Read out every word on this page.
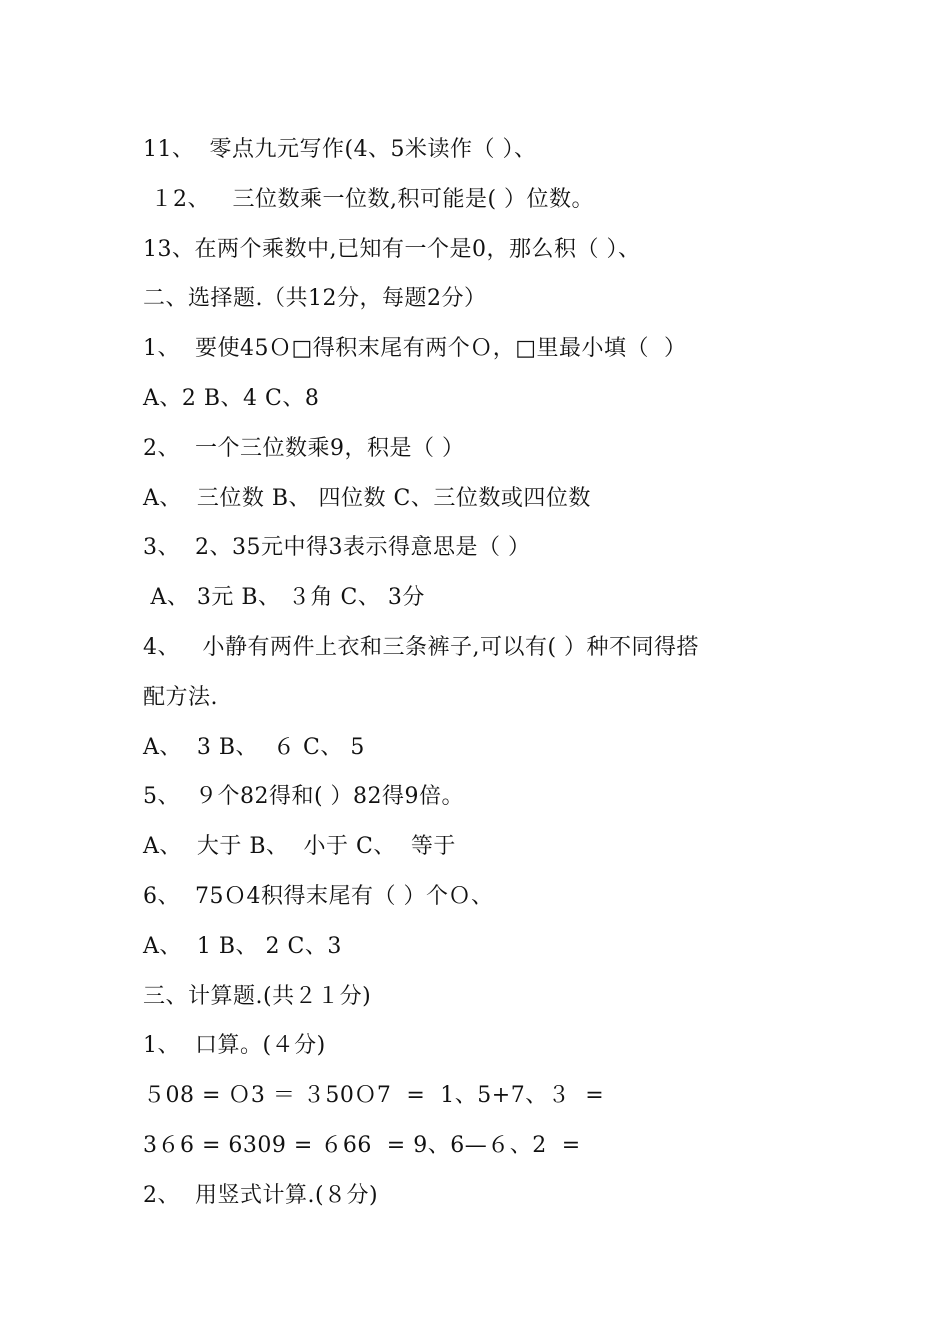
11、  零点九元写作(4、5米读作（ ）、
１2、   三位数乘一位数,积可能是( ）位数。
13、在两个乘数中,已知有一个是0，那么积（ ）、
二、选择题.（共12分，每题2分）
1、  要使45Ｏ□得积末尾有两个Ｏ，□里最小填（  ）
A、2 B、4 C、8
2、  一个三位数乘9，积是（ ）
A、  三位数 B、 四位数 C、三位数或四位数
3、  2、35元中得3表示得意思是（ ）
A、 3元 B、 ３角 C、 3分
4、   小静有两件上衣和三条裤子,可以有( ）种不同得搭
配方法.
A、  3 B、  ６ C、 5
5、  ９个82得和( ）82得9倍。
A、  大于 B、  小于 C、  等于
6、  75Ｏ4积得末尾有（ ）个Ｏ、
A、  1 B、 2 C、3
三、计算题.(共２１分)
1、  口算。(４分)
５08 = Ｏ3 ＝ ３50Ｏ7  =  1、5+7、３  =
3６6 = 6309 = ６66  = 9、6—６、2  =
2、  用竖式计算.(８分)
